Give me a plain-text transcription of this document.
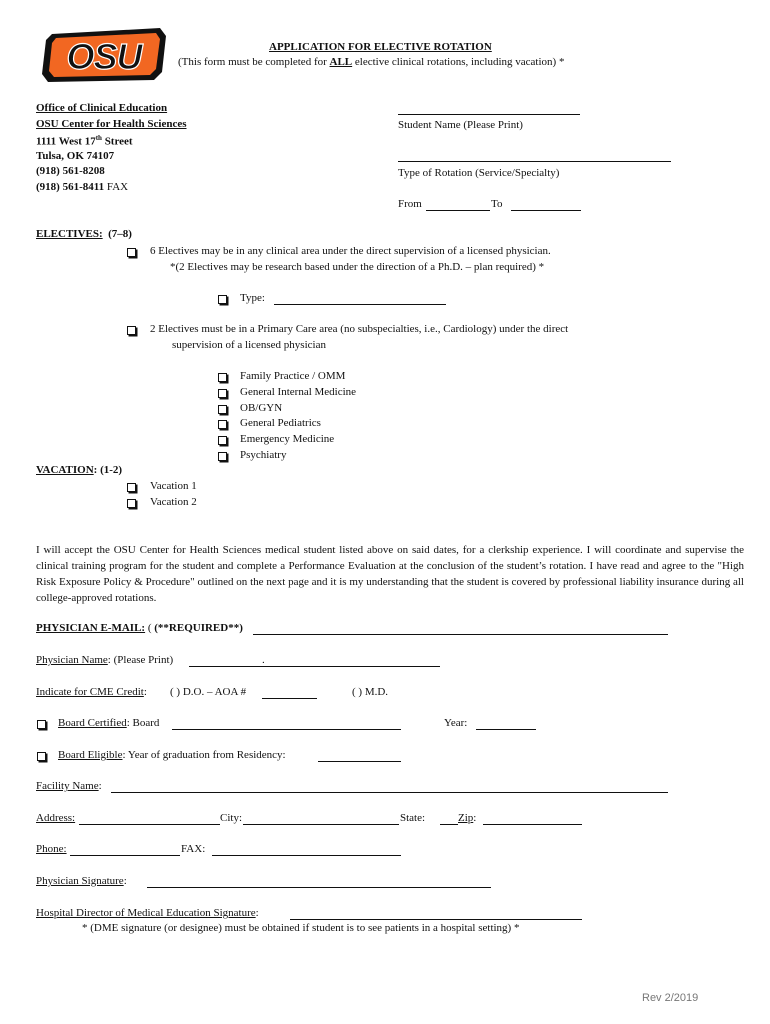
OSU	APPLICATION FOR ELECTIVE ROTATION
(This form must be completed for ALL elective clinical rotations, including vacation) *
Office of Clinical Education
OSU Center for Health Sciences
1111 West 17th Street
Tulsa, OK 74107
(918) 561-8208
(918) 561-8411 FAX
Student Name (Please Print)
Type of Rotation (Service/Specialty)
From	To
ELECTIVES: (7–8)
6 Electives may be in any clinical area under the direct supervision of a licensed physician.
*(2 Electives may be research based under the direction of a Ph.D. – plan required) *
Type:
2 Electives must be in a Primary Care area (no subspecialties, i.e., Cardiology) under the direct
supervision of a licensed physician
Family Practice / OMM
General Internal Medicine
OB/GYN
General Pediatrics
Emergency Medicine
Psychiatry
VACATION: (1-2)
Vacation 1
Vacation 2
I will accept the OSU Center for Health Sciences medical student listed above on said dates, for a clerkship experience. I will coordinate and supervise the clinical training program for the student and complete a Performance Evaluation at the conclusion of the student’s rotation. I have read and agree to the "High Risk Exposure Policy & Procedure" outlined on the next page and it is my understanding that the student is covered by professional liability insurance during all college-approved rotations.
PHYSICIAN E-MAIL: ( (**REQUIRED**)
Physician Name: (Please Print)	.
Indicate for CME Credit: ( ) D.O. – AOA #	( ) M.D.
Board Certified: Board	Year:
Board Eligible: Year of graduation from Residency:
Facility Name:
Address:	City:	State:	Zip:
Phone:	FAX:
Physician Signature:
Hospital Director of Medical Education Signature:
* (DME signature (or designee) must be obtained if student is to see patients in a hospital setting) *
Rev 2/2019
